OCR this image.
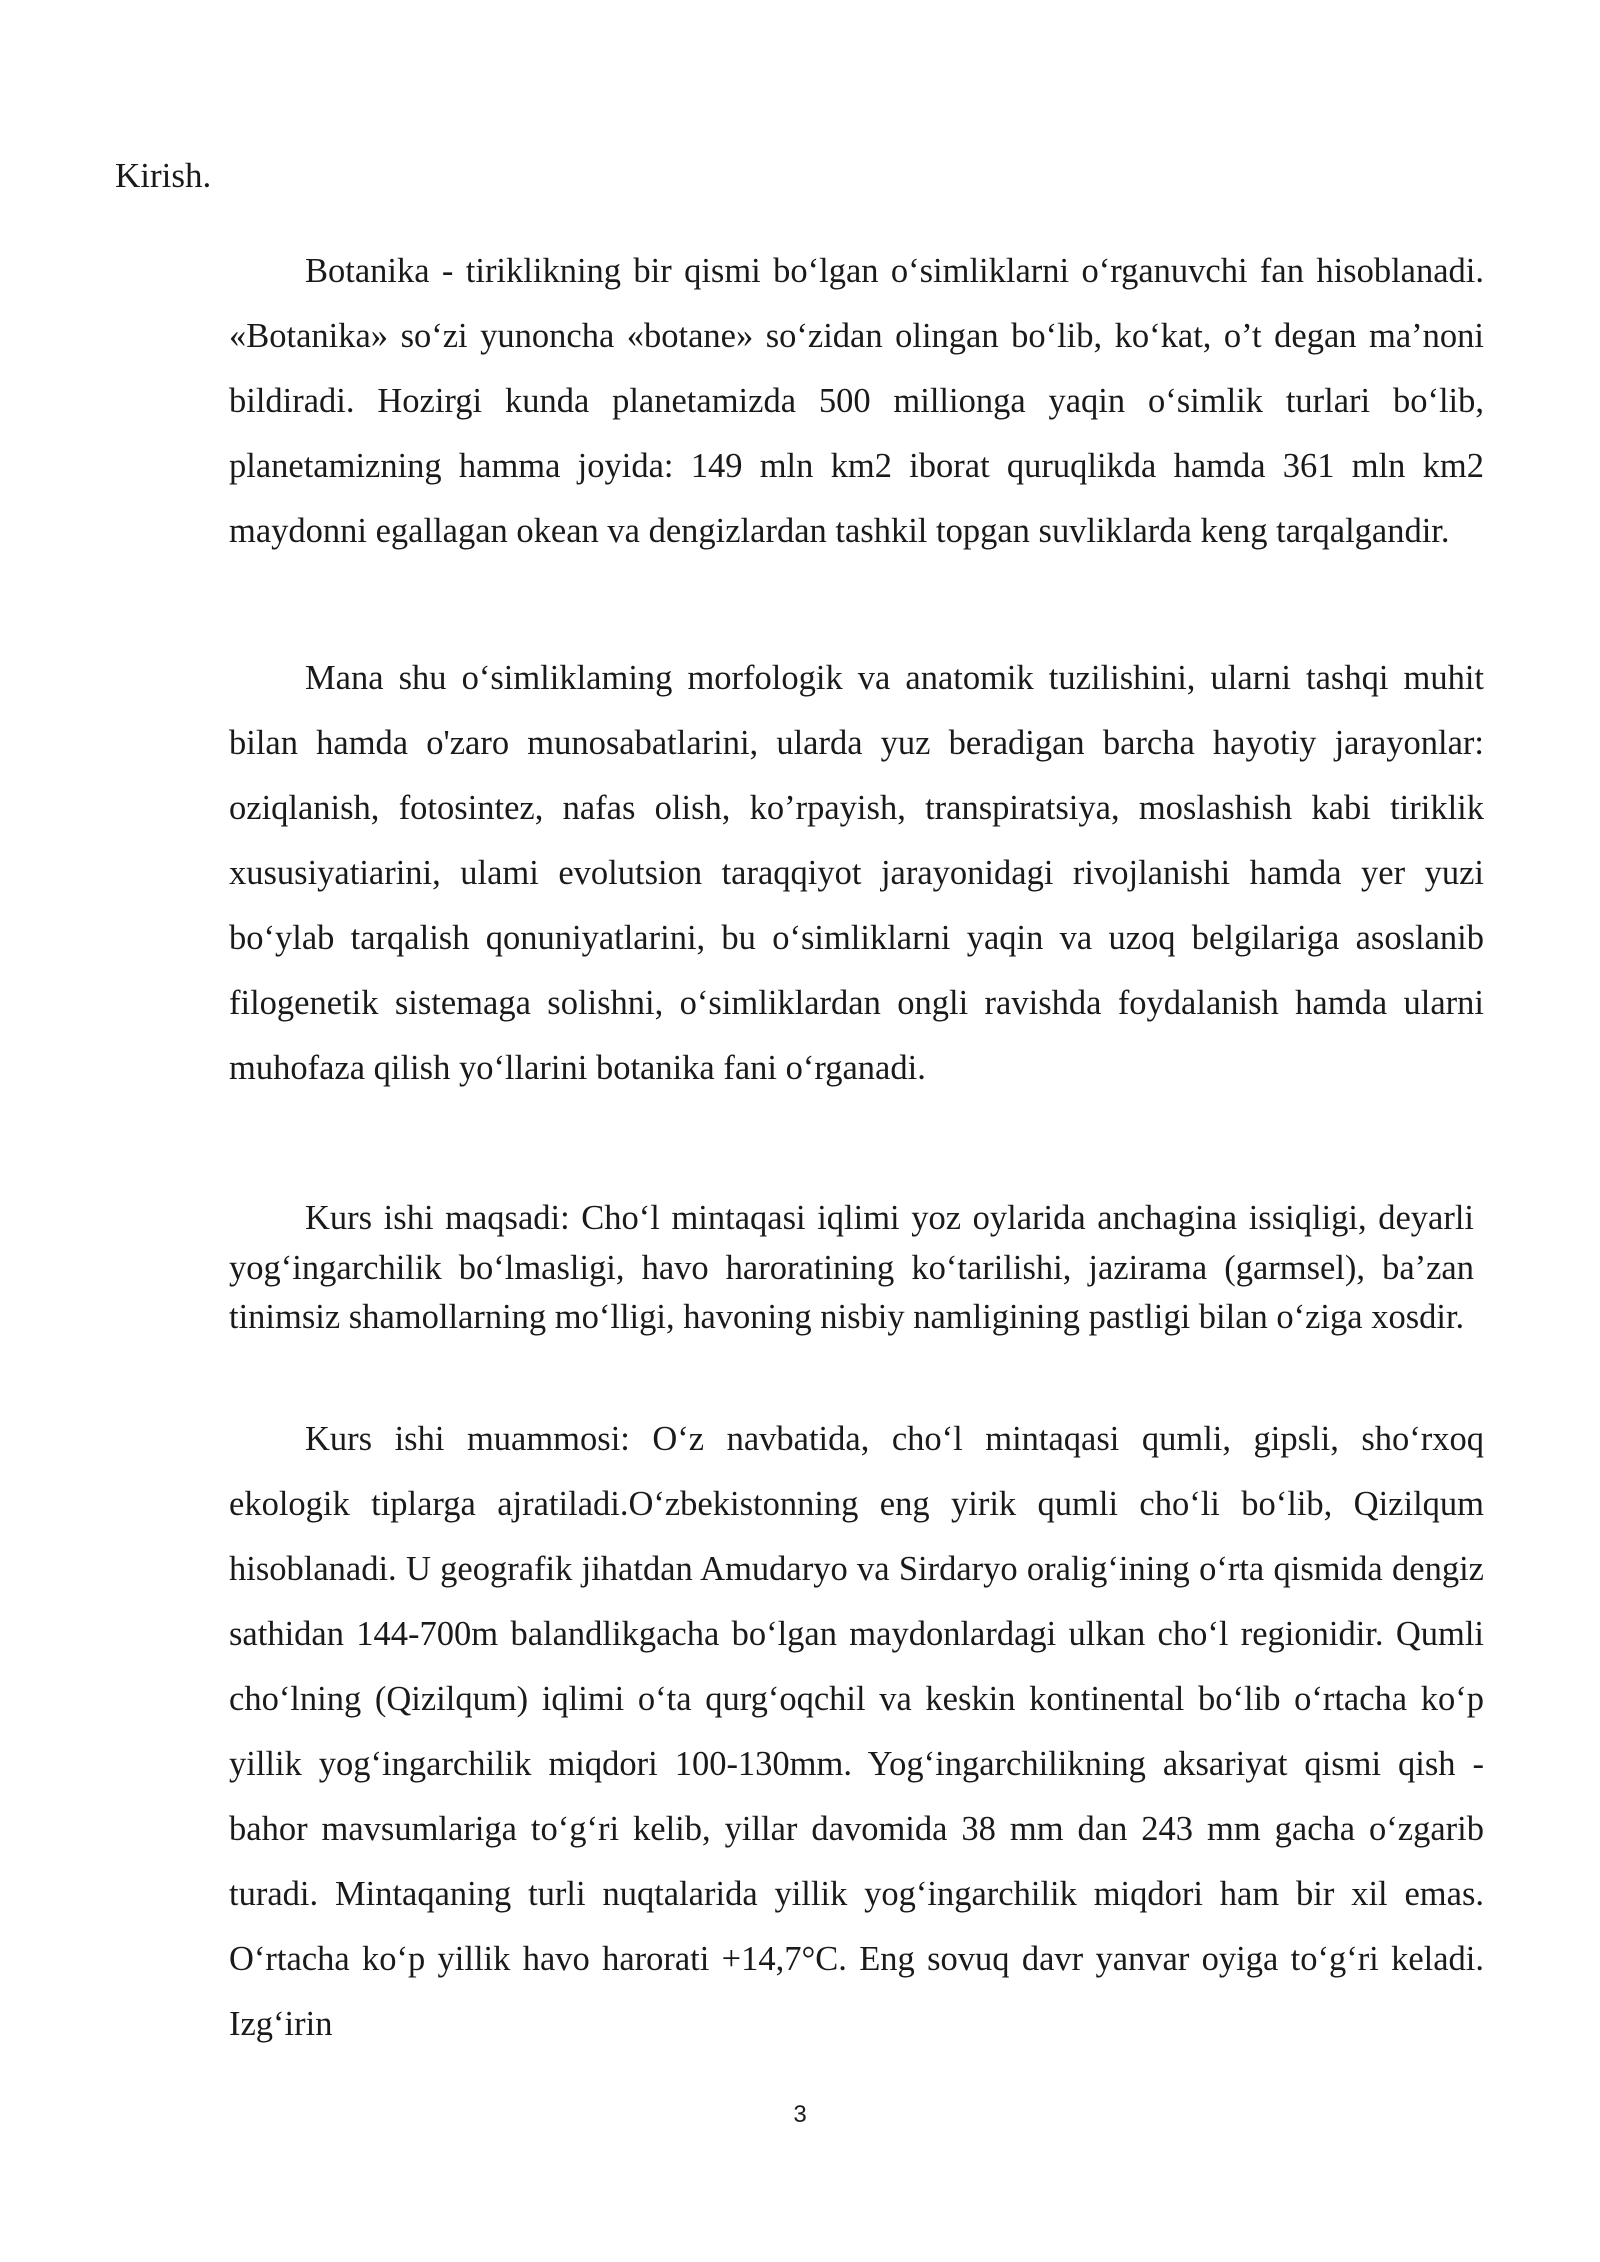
Kirish.

Botanika - tiriklikning bir qismi bo‘lgan o‘simliklarni o‘rganuvchi fan hisoblanadi. «Botanika» so‘zi yunoncha «botane» so‘zidan olingan bo‘lib, ko‘kat, o’t degan ma’noni bildiradi. Hozirgi kunda planetamizda 500 millionga yaqin o‘simlik turlari bo‘lib, planetamizning hamma joyida: 149 mln km2 iborat quruqlikda hamda 361 mln km2 maydonni egallagan okean va dengizlardan tashkil topgan suvliklarda keng tarqalgandir.

Mana shu o‘simliklaming morfologik va anatomik tuzilishini, ularni tashqi muhit bilan hamda o'zaro munosabatlarini, ularda yuz beradigan barcha hayotiy jarayonlar: oziqlanish, fotosintez, nafas olish, ko’rpayish, transpiratsiya, moslashish kabi tiriklik xususiyatiarini, ulami evolutsion taraqqiyot jarayonidagi rivojlanishi hamda yer yuzi bo‘ylab tarqalish qonuniyatlarini, bu o‘simliklarni yaqin va uzoq belgilariga asoslanib filogenetik sistemaga solishni, o‘simliklardan ongli ravishda foydalanish hamda ularni muhofaza qilish yo‘llarini botanika fani o‘rganadi.

Kurs ishi maqsadi: Cho‘l mintaqasi iqlimi yoz oylarida anchagina issiqligi, deyarli yog‘ingarchilik bo‘lmasligi, havo haroratining ko‘tarilishi, jazirama (garmsel), ba’zan tinimsiz shamollarning mo‘lligi, havoning nisbiy namligining pastligi bilan o‘ziga xosdir.

Kurs ishi muammosi: O‘z navbatida, cho‘l mintaqasi qumli, gipsli, sho‘rxoq ekologik tiplarga ajratiladi.O‘zbekistonning eng yirik qumli cho‘li bo‘lib, Qizilqum hisoblanadi. U geografik jihatdan Amudaryo va Sirdaryo oralig‘ining o‘rta qismida dengiz sathidan 144-700m balandlikgacha bo‘lgan maydonlardagi ulkan cho‘l regionidir. Qumli cho‘lning (Qizilqum) iqlimi o‘ta qurg‘oqchil va keskin kontinental bo‘lib o‘rtacha ko‘p yillik yog‘ingarchilik miqdori 100-130mm. Yog‘ingarchilikning aksariyat qismi qish - bahor mavsumlariga to‘g‘ri kelib, yillar davomida 38 mm dan 243 mm gacha o‘zgarib turadi. Mintaqaning turli nuqtalarida yillik yog‘ingarchilik miqdori ham bir xil emas. O‘rtacha ko‘p yillik havo harorati +14,7°C. Eng sovuq davr yanvar oyiga to‘g‘ri keladi. Izg‘irin

3
